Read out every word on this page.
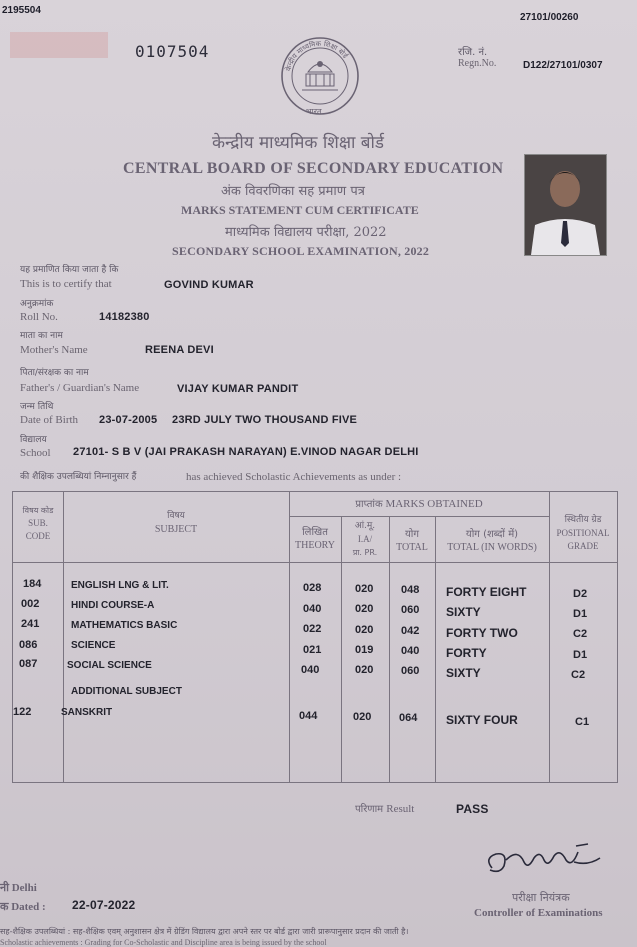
2195504
27101/00260
0107504	रजि. नं.
Regn.No.	D122/27101/0307
केन्द्रीय माध्यमिक शिक्षा बोर्ड
भारत
केन्द्रीय माध्यमिक शिक्षा बोर्ड
CENTRAL BOARD OF SECONDARY EDUCATION
अंक विवरणिका सह प्रमाण पत्र
MARKS STATEMENT CUM CERTIFICATE
माध्यमिक विद्यालय परीक्षा, 2022
SECONDARY SCHOOL EXAMINATION, 2022
यह प्रमाणित किया जाता है कि
This is to certify that	GOVIND KUMAR
अनुक्रमांक
Roll No.	14182380
माता का नाम
Mother's Name	REENA DEVI
पिता/संरक्षक का नाम
Father's / Guardian's Name	VIJAY KUMAR PANDIT
जन्म तिथि
Date of Birth 23-07-2005 23RD JULY TWO THOUSAND FIVE
विद्यालय
School 27101- S B V (JAI PRAKASH NARAYAN) E.VINOD NAGAR DELHI
की शैक्षिक उपलब्धियां निम्नानुसार हैं	has achieved Scholastic Achievements as under :
विषय कोड
SUB.
CODE
विषय
SUBJECT
प्राप्तांक MARKS OBTAINED
लिखित
THEORY
आं.मू.
I.A/
प्रा. PR.
योग
TOTAL
योग (शब्दों में)
TOTAL (IN WORDS)
स्थितीय ग्रेड
POSITIONAL
GRADE
184	ENGLISH LNG & LIT.	028	020	048 FORTY EIGHT	D2
002	HINDI COURSE-A	040	020	060 SIXTY	D1
241	MATHEMATICS BASIC	022	020	042 FORTY TWO	C2
086	SCIENCE	021	019	040 FORTY	D1
087	SOCIAL SCIENCE	040	020	060 SIXTY	C2
ADDITIONAL SUBJECT
122	SANSKRIT	044	020	064 SIXTY FOUR	C1
परिणाम Result	PASS
परीक्षा नियंत्रक
Controller of Examinations
नी Delhi
क Dated : 22-07-2022
सह-शैक्षिक उपलब्धियां : सह-शैक्षिक एवम् अनुशासन क्षेत्र में ग्रेडिंग विद्यालय द्वारा अपने स्तर पर बोर्ड द्वारा जारी प्रारूपानुसार प्रदान की जाती है।
Scholastic achievements : Grading for Co-Scholastic and Discipline area is being issued by the school
